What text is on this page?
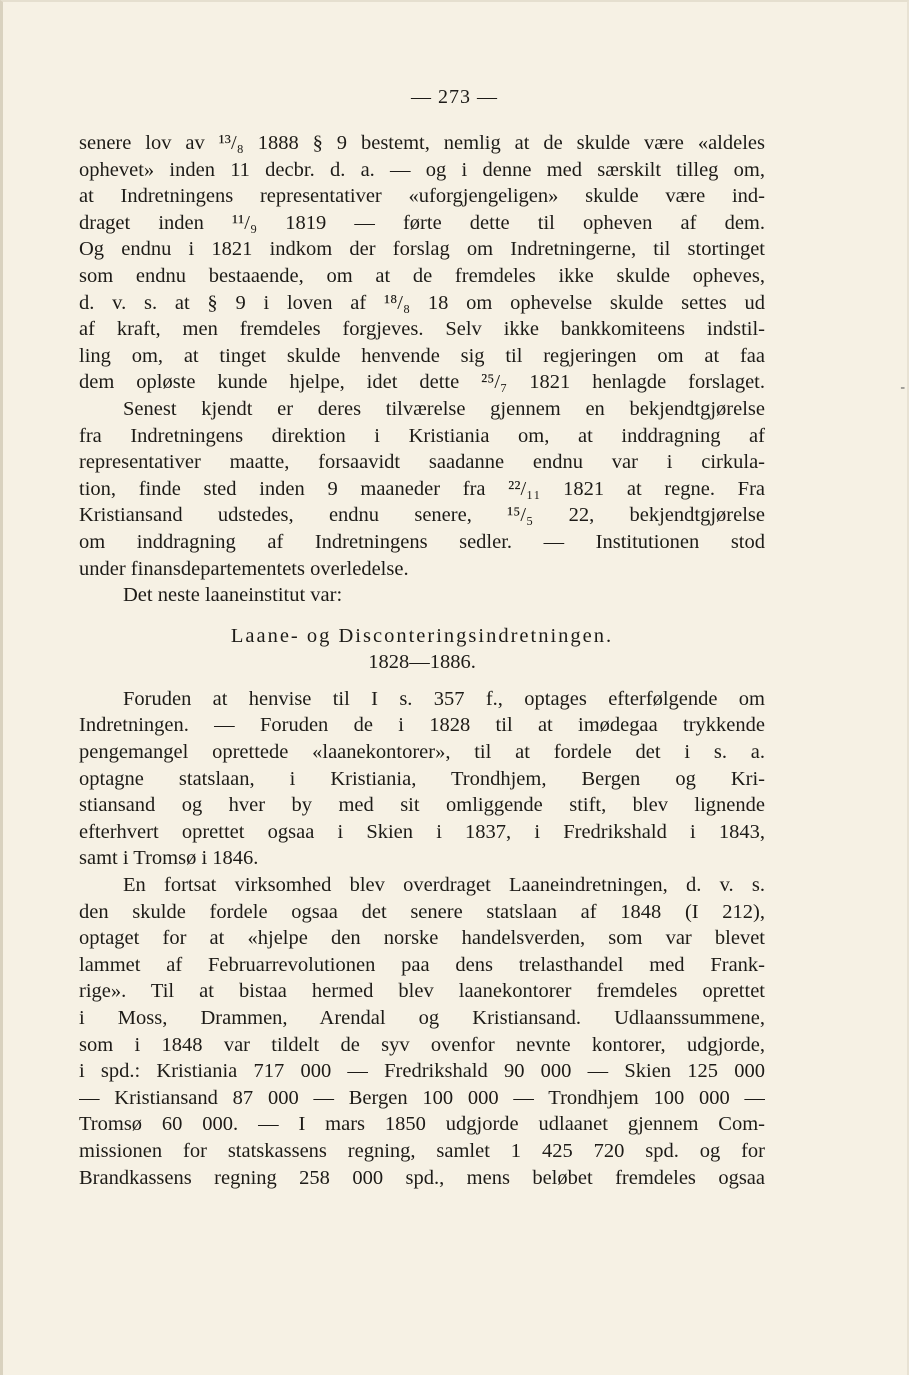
— 273 —
-
senere lov av ¹³/₈ 1888 § 9 bestemt, nemlig at de skulde være «aldeles
ophevet» inden 11 decbr. d. a. — og i denne med særskilt tilleg om,
at Indretningens representativer «uforgjengeligen» skulde være ind-
draget inden ¹¹/₉ 1819 — førte dette til opheven af dem.
Og endnu i 1821 indkom der forslag om Indretningerne, til stortinget
som endnu bestaaende, om at de fremdeles ikke skulde opheves,
d. v. s. at § 9 i loven af ¹⁸/₈ 18 om ophevelse skulde settes ud
af kraft, men fremdeles forgjeves. Selv ikke bankkomiteens indstil-
ling om, at tinget skulde henvende sig til regjeringen om at faa
dem opløste kunde hjelpe, idet dette ²⁵/₇ 1821 henlagde forslaget.
Senest kjendt er deres tilværelse gjennem en bekjendtgjørelse
fra Indretningens direktion i Kristiania om, at inddragning af
representativer maatte, forsaavidt saadanne endnu var i cirkula-
tion, finde sted inden 9 maaneder fra ²²/₁₁ 1821 at regne. Fra
Kristiansand udstedes, endnu senere, ¹⁵/₅ 22, bekjendtgjørelse
om inddragning af Indretningens sedler. — Institutionen stod
under finansdepartementets overledelse.
Det neste laaneinstitut var:
Laane- og Disconteringsindretningen.
1828—1886.
Foruden at henvise til I s. 357 f., optages efterfølgende om
Indretningen. — Foruden de i 1828 til at imødegaa trykkende
pengemangel oprettede «laanekontorer», til at fordele det i s. a.
optagne statslaan, i Kristiania, Trondhjem, Bergen og Kri-
stiansand og hver by med sit omliggende stift, blev lignende
efterhvert oprettet ogsaa i Skien i 1837, i Fredrikshald i 1843,
samt i Tromsø i 1846.
En fortsat virksomhed blev overdraget Laaneindretningen, d. v. s.
den skulde fordele ogsaa det senere statslaan af 1848 (I 212),
optaget for at «hjelpe den norske handelsverden, som var blevet
lammet af Februarrevolutionen paa dens trelasthandel med Frank-
rige». Til at bistaa hermed blev laanekontorer fremdeles oprettet
i Moss, Drammen, Arendal og Kristiansand. Udlaanssummene,
som i 1848 var tildelt de syv ovenfor nevnte kontorer, udgjorde,
i spd.: Kristiania 717 000 — Fredrikshald 90 000 — Skien 125 000
— Kristiansand 87 000 — Bergen 100 000 — Trondhjem 100 000 —
Tromsø 60 000. — I mars 1850 udgjorde udlaanet gjennem Com-
missionen for statskassens regning, samlet 1 425 720 spd. og for
Brandkassens regning 258 000 spd., mens beløbet fremdeles ogsaa
